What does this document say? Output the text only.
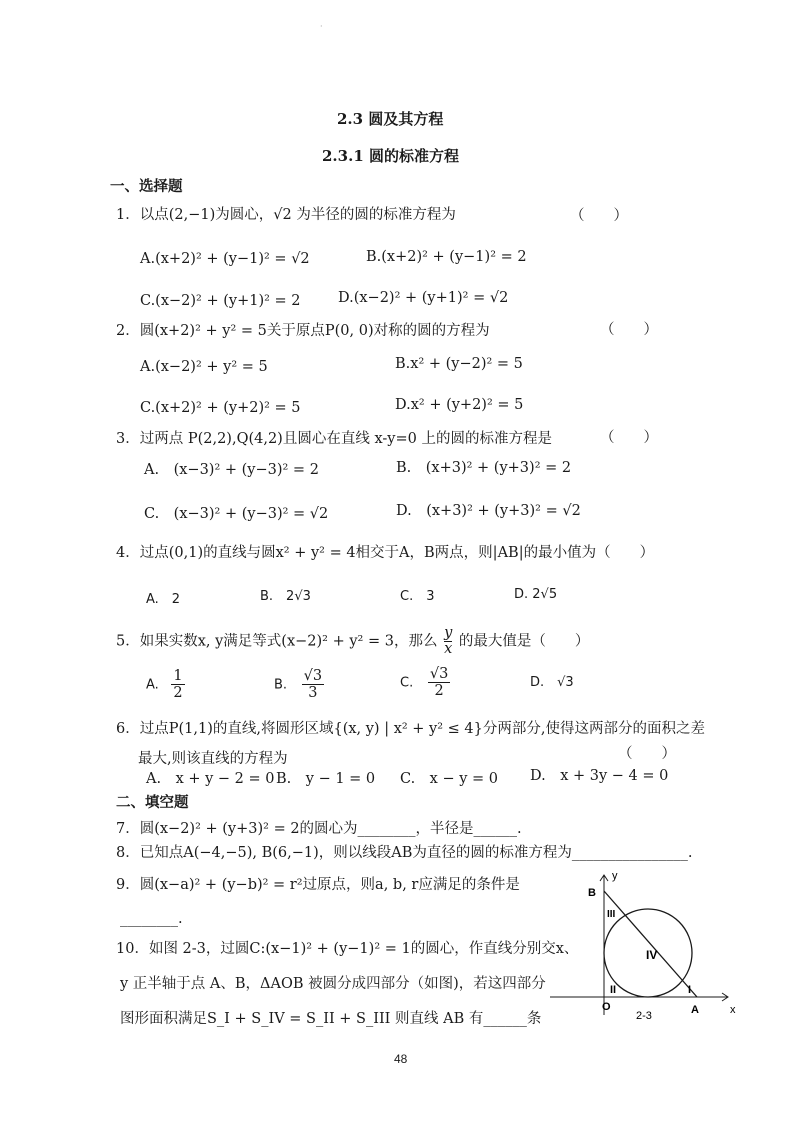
·
2.3 圆及其方程
2.3.1 圆的标准方程
一、选择题
1．以点(2,−1)为圆心，√2 为半径的圆的标准方程为	（　　）
A.(x+2)² + (y−1)² = √2	B.(x+2)² + (y−1)² = 2
C.(x−2)² + (y+1)² = 2	D.(x−2)² + (y+1)² = √2
2．圆(x+2)² + y² = 5关于原点P(0, 0)对称的圆的方程为	（　　）
A.(x−2)² + y² = 5	B.x² + (y−2)² = 5
C.(x+2)² + (y+2)² = 5	D.x² + (y+2)² = 5
3．过两点 P(2,2),Q(4,2)且圆心在直线 x-y=0 上的圆的标准方程是	（　　）
A.　(x−3)² + (y−3)² = 2	B.　(x+3)² + (y+3)² = 2
C.　(x−3)² + (y−3)² = √2	D.　(x+3)² + (y+3)² = √2
4．过点(0,1)的直线与圆x² + y² = 4相交于A，B两点，则|AB|的最小值为（　　）
A.　2	B.　2√3	C.　3	D. 2√5
5．如果实数x, y满足等式(x−2)² + y² = 3，那么 $\frac{y}{x}$ 的最大值是（　　）
A. $\frac{1}{2}$	B. $\frac{√3}{3}$	C. $\frac{√3}{2}$	D.　√3
6．过点P(1,1)的直线,将圆形区域{(x, y) | x² + y² ≤ 4}分两部分,使得这两部分的面积之差
最大,则该直线的方程为	（　　）
A.　x + y − 2 = 0 B.　y − 1 = 0 C.　x − y = 0 D.　x + 3y − 4 = 0
二、填空题
7．圆(x−2)² + (y+3)² = 2的圆心为________，半径是______.
8．已知点A(−4,−5), B(6,−1)，则以线段AB为直径的圆的标准方程为________________.
9．圆(x−a)² + (y−b)² = r²过原点，则a, b, r应满足的条件是
________.
10．如图 2-3，过圆C:(x−1)² + (y−1)² = 1的圆心，作直线分别交x、
y 正半轴于点 A、B，ΔAOB 被圆分成四部分（如图)，若这四部分
图形面积满足S_I + S_IV = S_II + S_III 则直线 AB 有______条
B
y
III
IV
II	I
O	A	x
2-3
48
